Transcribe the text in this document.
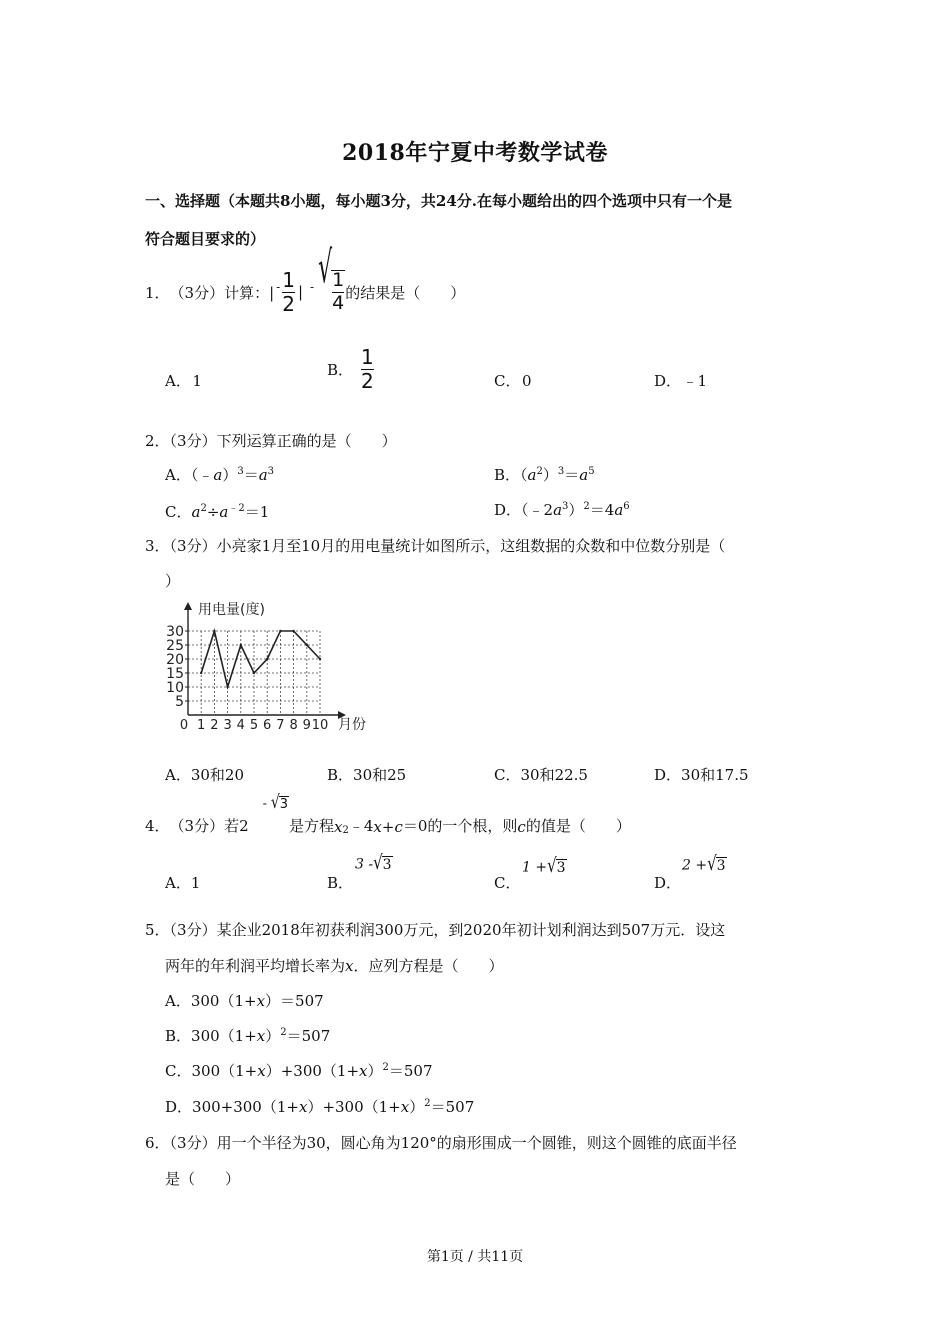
2018年宁夏中考数学试卷
一、选择题（本题共8小题，每小题3分，共24分.在每小题给出的四个选项中只有一个是
符合题目要求的）
1． （3分） 计算：| - $\frac{1}{2}$ | - √ $\frac{1}{4}$ 的结果是（　　）
A．  1
B． $\frac{1}{2}$	C．  0	D．  ﹣1
2．（3分）下列运算正确的是（　　）
A．$(﹣a)^3=a^3$	B．$(a^2)^3=a^5$
C．$a^2\div a^{﹣2}=1$	D．$(﹣2a^3)^2=4a^6$
3．（3分）小亮家1月至10月的用电量统计如图所示，这组数据的众数和中位数分别是（
）
5
10
15
20
25
30
0 1 2 3 4 5 6 7 8 9 10
用电量(度)
月份
A．30和20	B．30和25	C．30和22.5	D．30和17.5
4． （3分） 若2
- √ 3
是方程 x 2 ﹣4 x + c ＝0的一个根，则 c 的值是（　　）
A．1	B．
3 - √ 3
C．
1 + √ 3
D．
2 + √ 3
5．（3分）某企业2018年初获利润300万元，到2020年初计划利润达到507万元．设这
两年的年利润平均增长率为x．应列方程是（　　）
A．300（1+x）＝507
B．$300(1+x)^2=507$
C．$300(1+x)+300(1+x)^2=507$
D．$300+300(1+x)+300(1+x)^2=507$
6．（3分）用一个半径为30，圆心角为120°的扇形围成一个圆锥，则这个圆锥的底面半径
是（　　）
第1页 / 共11页
